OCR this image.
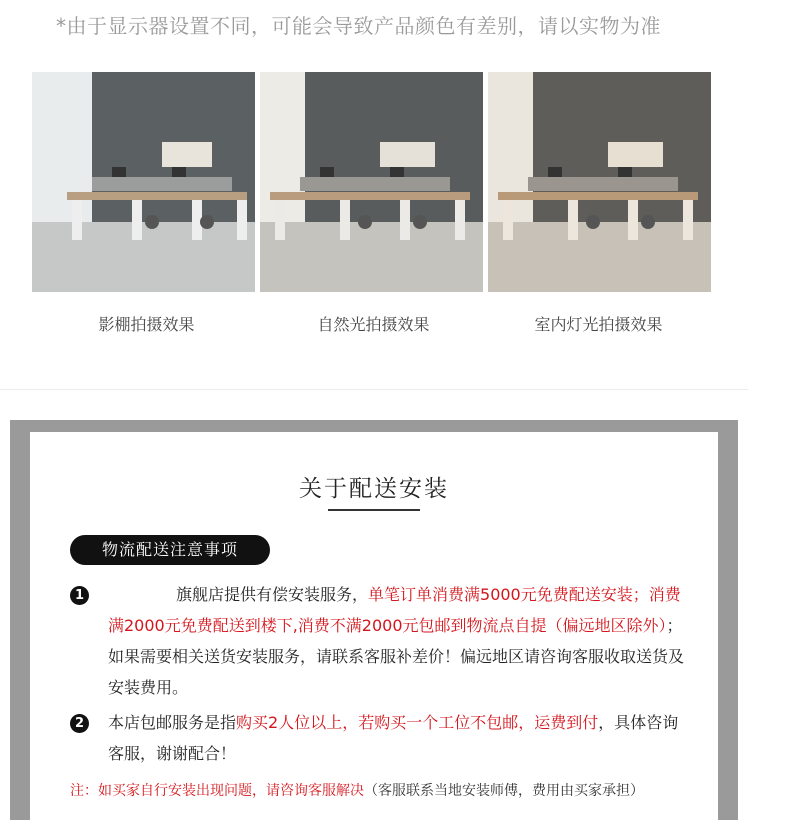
*由于显示器设置不同，可能会导致产品颜色有差别，请以实物为准
影棚拍摄效果	自然光拍摄效果	室内灯光拍摄效果
关于配送安装
物流配送注意事项
1	旗舰店提供有偿安装服务，单笔订单消费满5000元免费配送安装；消费满2000元免费配送到楼下,消费不满2000元包邮到物流点自提（偏远地区除外）；如果需要相关送货安装服务，请联系客服补差价！偏远地区请咨询客服收取送货及安装费用。
2	本店包邮服务是指购买2人位以上，若购买一个工位不包邮，运费到付，具体咨询客服，谢谢配合！
注：如买家自行安装出现问题，请咨询客服解决（客服联系当地安装师傅，费用由买家承担）
